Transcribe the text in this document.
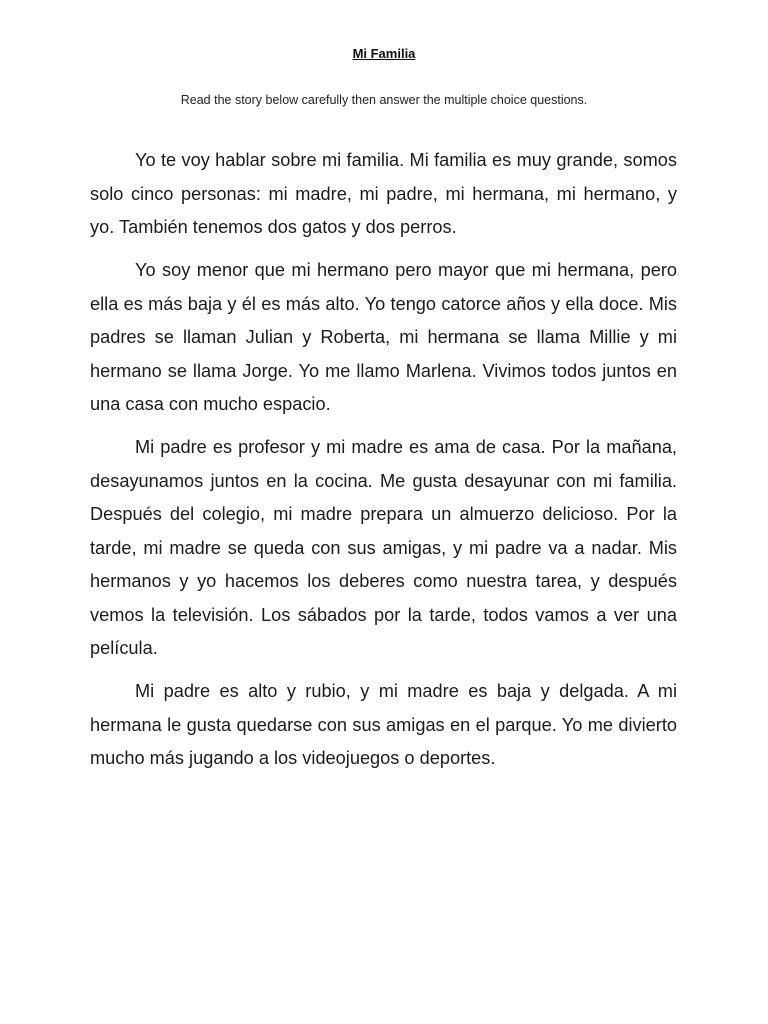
Mi Familia
Read the story below carefully then answer the multiple choice questions.

Yo te voy hablar sobre mi familia. Mi familia es muy grande, somos solo cinco personas: mi madre, mi padre, mi hermana, mi hermano, y yo. También tenemos dos gatos y dos perros.

Yo soy menor que mi hermano pero mayor que mi hermana, pero ella es más baja y él es más alto. Yo tengo catorce años y ella doce. Mis padres se llaman Julian y Roberta, mi hermana se llama Millie y mi hermano se llama Jorge. Yo me llamo Marlena. Vivimos todos juntos en una casa con mucho espacio.

Mi padre es profesor y mi madre es ama de casa. Por la mañana, desayunamos juntos en la cocina. Me gusta desayunar con mi familia. Después del colegio, mi madre prepara un almuerzo delicioso. Por la tarde, mi madre se queda con sus amigas, y mi padre va a nadar. Mis hermanos y yo hacemos los deberes como nuestra tarea, y después vemos la televisión. Los sábados por la tarde, todos vamos a ver una película.

Mi padre es alto y rubio, y mi madre es baja y delgada. A mi hermana le gusta quedarse con sus amigas en el parque. Yo me divierto mucho más jugando a los videojuegos o deportes.
